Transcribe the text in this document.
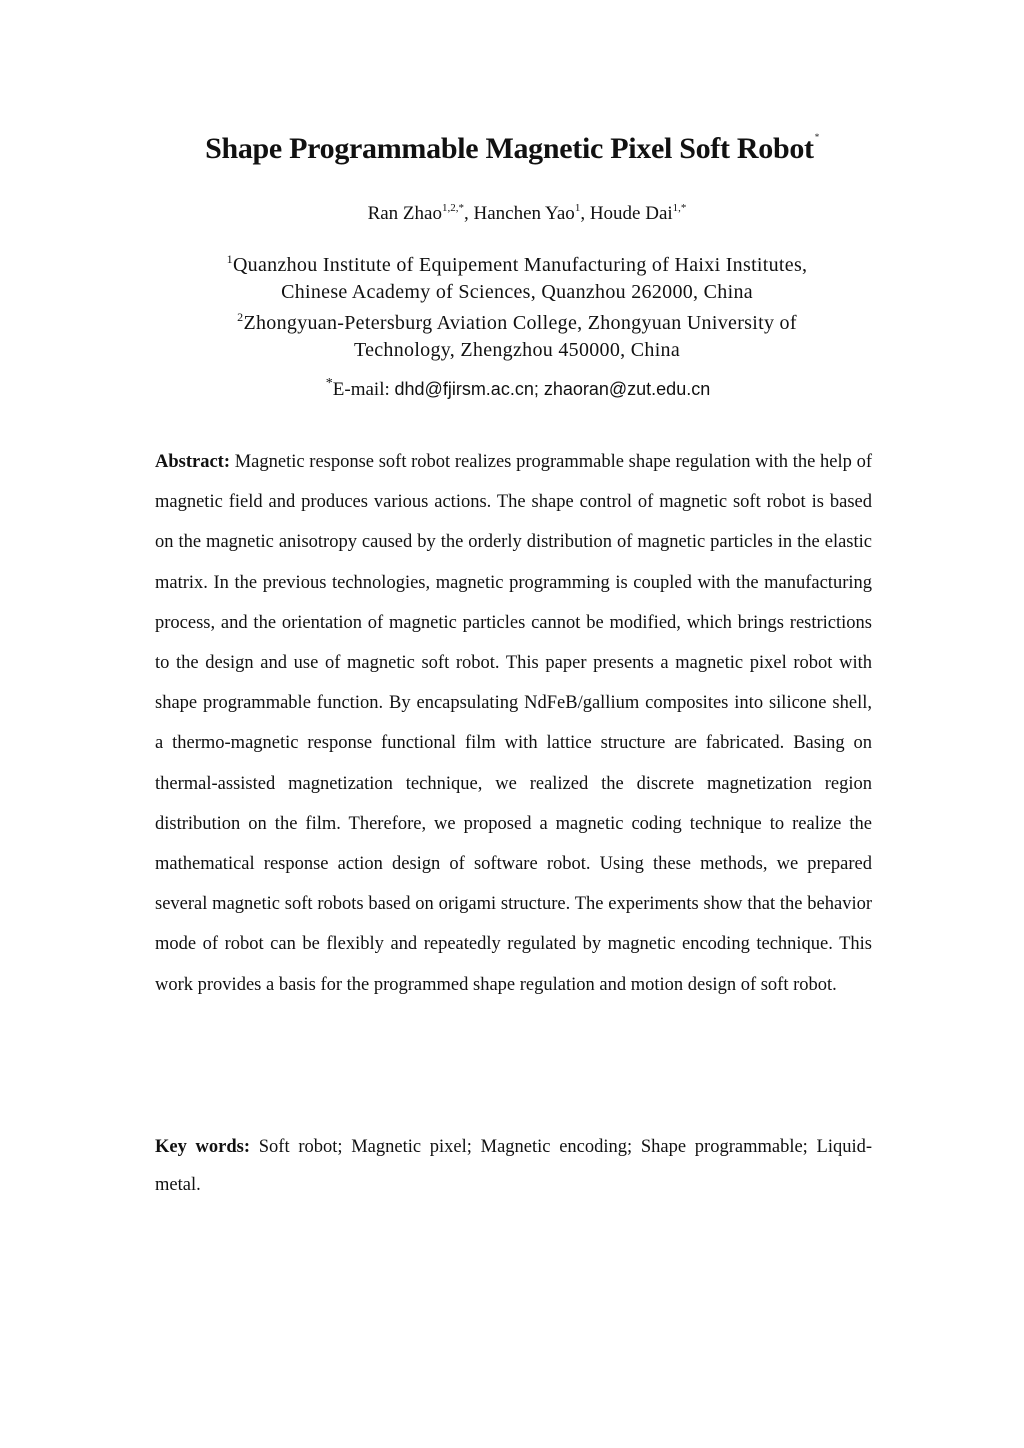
Shape Programmable Magnetic Pixel Soft Robot*
Ran Zhao$^{1,2,*}$, Hanchen Yao$^1$, Houde Dai$^{1,*}$
$^1$Quanzhou Institute of Equipement Manufacturing of Haixi Institutes,
Chinese Academy of Sciences, Quanzhou 262000, China
$^2$Zhongyuan-Petersburg Aviation College, Zhongyuan University of
Technology, Zhengzhou 450000, China
*E-mail: dhd@fjirsm.ac.cn; zhaoran@zut.edu.cn
Abstract: Magnetic response soft robot realizes programmable shape regulation with the help of magnetic field and produces various actions. The shape control of magnetic soft robot is based on the magnetic anisotropy caused by the orderly distribution of magnetic particles in the elastic matrix. In the previous technologies, magnetic programming is coupled with the manufacturing process, and the orientation of magnetic particles cannot be modified, which brings restrictions to the design and use of magnetic soft robot. This paper presents a magnetic pixel robot with shape programmable function. By encapsulating NdFeB/gallium composites into silicone shell, a thermo-magnetic response functional film with lattice structure are fabricated. Basing on thermal-assisted magnetization technique, we realized the discrete magnetization region distribution on the film. Therefore, we proposed a magnetic coding technique to realize the mathematical response action design of software robot. Using these methods, we prepared several magnetic soft robots based on origami structure. The experiments show that the behavior mode of robot can be flexibly and repeatedly regulated by magnetic encoding technique. This work provides a basis for the programmed shape regulation and motion design of soft robot.
Key words: Soft robot; Magnetic pixel; Magnetic encoding; Shape programmable; Liquid-metal.
